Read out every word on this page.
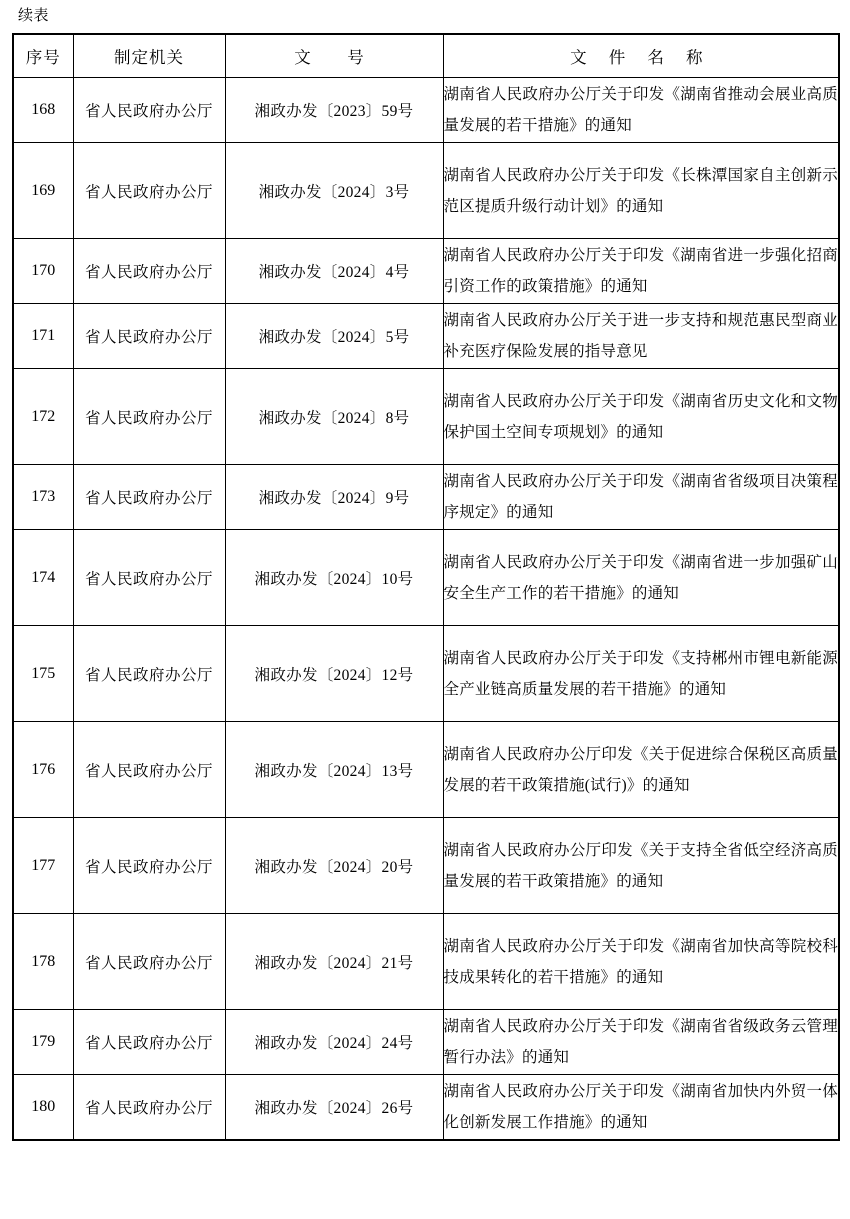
续表
序号	制定机关	文　号	文 件 名 称
168	省人民政府办公厅	湘政办发〔2023〕59号	湖南省人民政府办公厅关于印发《湖南省推动会展业高质量发展的若干措施》的通知
169	省人民政府办公厅	湘政办发〔2024〕3号	湖南省人民政府办公厅关于印发《长株潭国家自主创新示范区提质升级行动计划》的通知
170	省人民政府办公厅	湘政办发〔2024〕4号	湖南省人民政府办公厅关于印发《湖南省进一步强化招商引资工作的政策措施》的通知
171	省人民政府办公厅	湘政办发〔2024〕5号	湖南省人民政府办公厅关于进一步支持和规范惠民型商业补充医疗保险发展的指导意见
172	省人民政府办公厅	湘政办发〔2024〕8号	湖南省人民政府办公厅关于印发《湖南省历史文化和文物保护国土空间专项规划》的通知
173	省人民政府办公厅	湘政办发〔2024〕9号	湖南省人民政府办公厅关于印发《湖南省省级项目决策程序规定》的通知
174	省人民政府办公厅	湘政办发〔2024〕10号	湖南省人民政府办公厅关于印发《湖南省进一步加强矿山安全生产工作的若干措施》的通知
175	省人民政府办公厅	湘政办发〔2024〕12号	湖南省人民政府办公厅关于印发《支持郴州市锂电新能源全产业链高质量发展的若干措施》的通知
176	省人民政府办公厅	湘政办发〔2024〕13号	湖南省人民政府办公厅印发《关于促进综合保税区高质量发展的若干政策措施(试行)》的通知
177	省人民政府办公厅	湘政办发〔2024〕20号	湖南省人民政府办公厅印发《关于支持全省低空经济高质量发展的若干政策措施》的通知
178	省人民政府办公厅	湘政办发〔2024〕21号	湖南省人民政府办公厅关于印发《湖南省加快高等院校科技成果转化的若干措施》的通知
179	省人民政府办公厅	湘政办发〔2024〕24号	湖南省人民政府办公厅关于印发《湖南省省级政务云管理暂行办法》的通知
180	省人民政府办公厅	湘政办发〔2024〕26号	湖南省人民政府办公厅关于印发《湖南省加快内外贸一体化创新发展工作措施》的通知
